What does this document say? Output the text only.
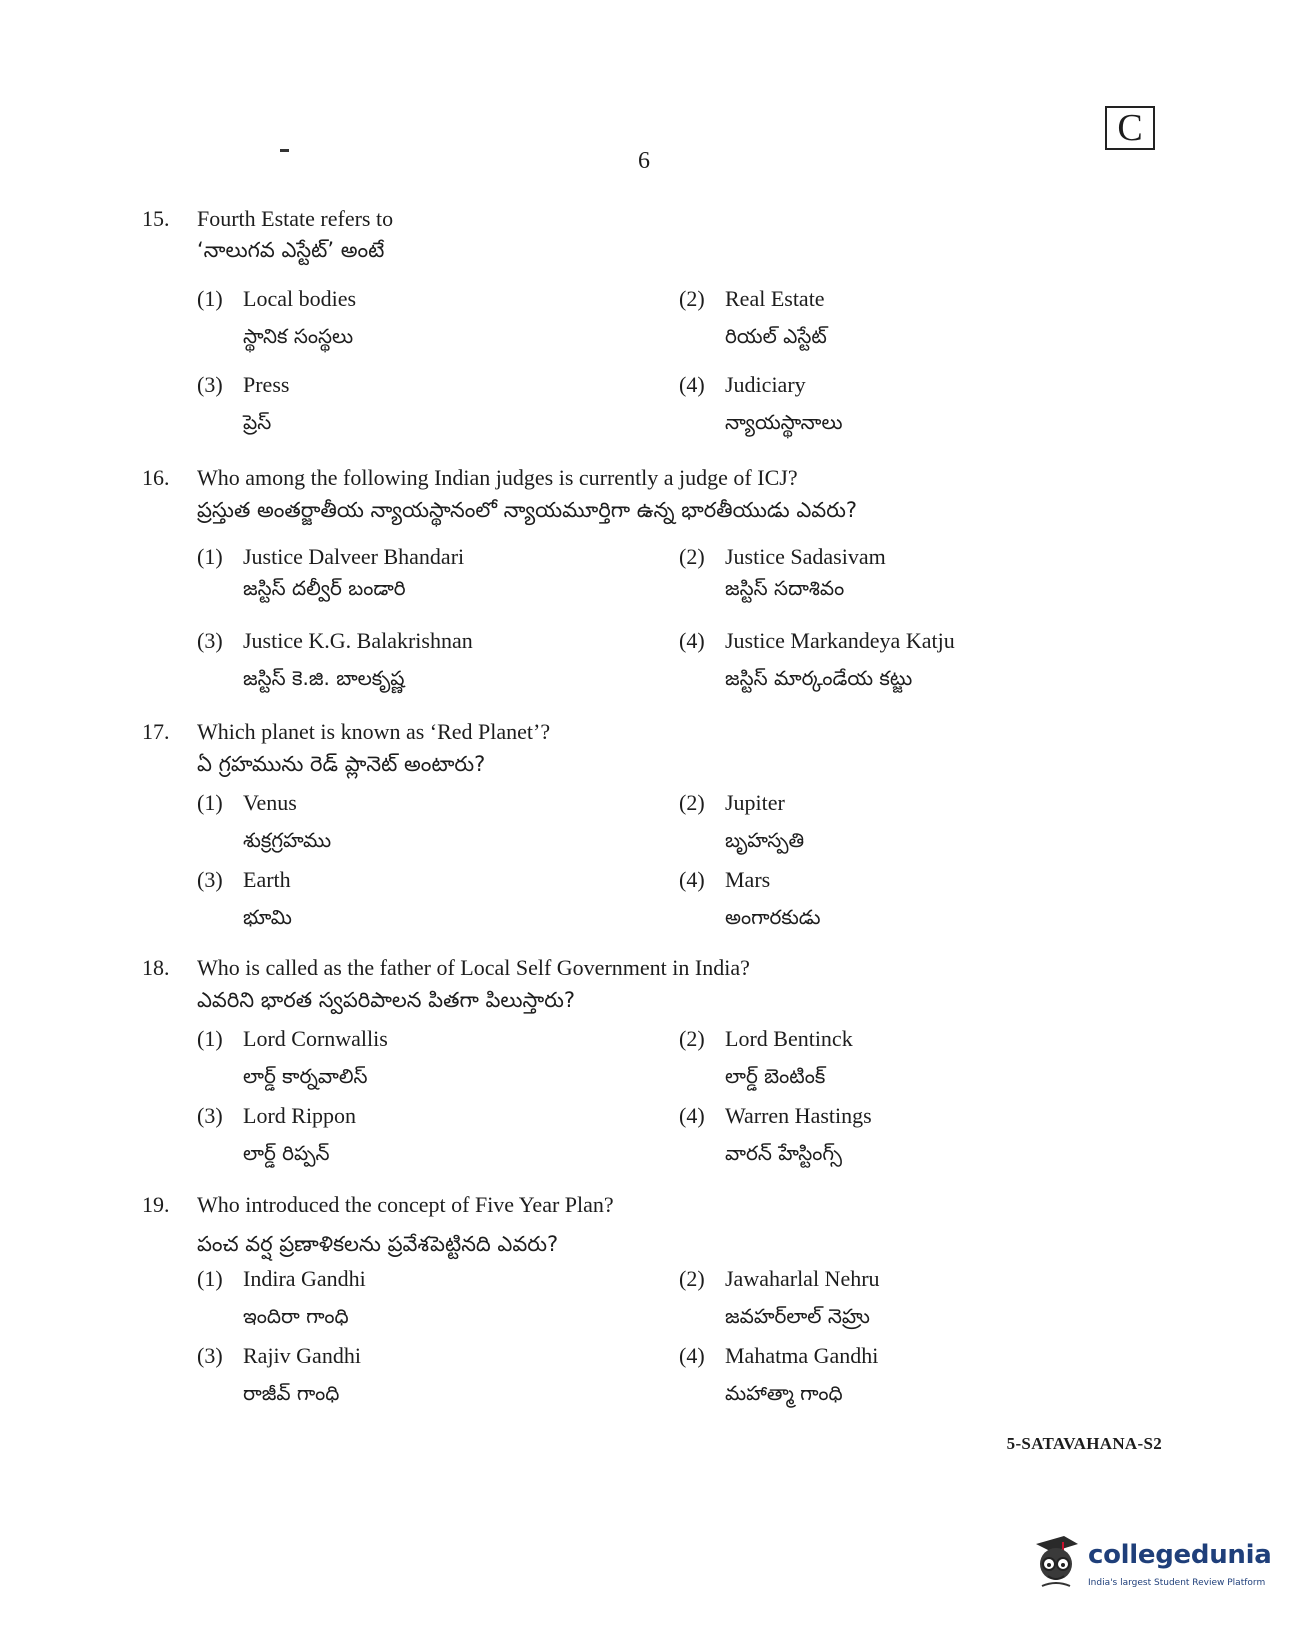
6
C
15. Fourth Estate refers to
‘నాలుగవ ఎస్టేట్’ అంటే
(1) Local bodies
స్థానిక సంస్థలు
(2) Real Estate
రియల్ ఎస్టేట్
(3) Press
ప్రెస్
(4) Judiciary
న్యాయస్థానాలు
16. Who among the following Indian judges is currently a judge of ICJ?
ప్రస్తుత అంతర్జాతీయ న్యాయస్థానంలో న్యాయమూర్తిగా ఉన్న భారతీయుడు ఎవరు?
(1) Justice Dalveer Bhandari
జస్టిస్ దల్వీర్ బండారి
(2) Justice Sadasivam
జస్టిస్ సదాశివం
(3) Justice K.G. Balakrishnan
జస్టిస్ కె.జి. బాలకృష్ణ
(4) Justice Markandeya Katju
జస్టిస్ మార్కండేయ కట్జు
17. Which planet is known as ‘Red Planet’?
ఏ గ్రహమును రెడ్ ప్లానెట్ అంటారు?
(1) Venus
శుక్రగ్రహము
(2) Jupiter
బృహస్పతి
(3) Earth
భూమి
(4) Mars
అంగారకుడు
18. Who is called as the father of Local Self Government in India?
ఎవరిని భారత స్వపరిపాలన పితగా పిలుస్తారు?
(1) Lord Cornwallis
లార్డ్ కార్నవాలిస్
(2) Lord Bentinck
లార్డ్ బెంటింక్
(3) Lord Rippon
లార్డ్ రిప్పన్
(4) Warren Hastings
వారన్ హేస్టింగ్స్
19. Who introduced the concept of Five Year Plan?
పంచ వర్ష ప్రణాళికలను ప్రవేశపెట్టినది ఎవరు?
(1) Indira Gandhi
ఇందిరా గాంధి
(2) Jawaharlal Nehru
జవహర్‌లాల్ నెహ్రు
(3) Rajiv Gandhi
రాజీవ్ గాంధి
(4) Mahatma Gandhi
మహాత్మా గాంధి
5-SATAVAHANA-S2
collegedunia
India's largest Student Review Platform
